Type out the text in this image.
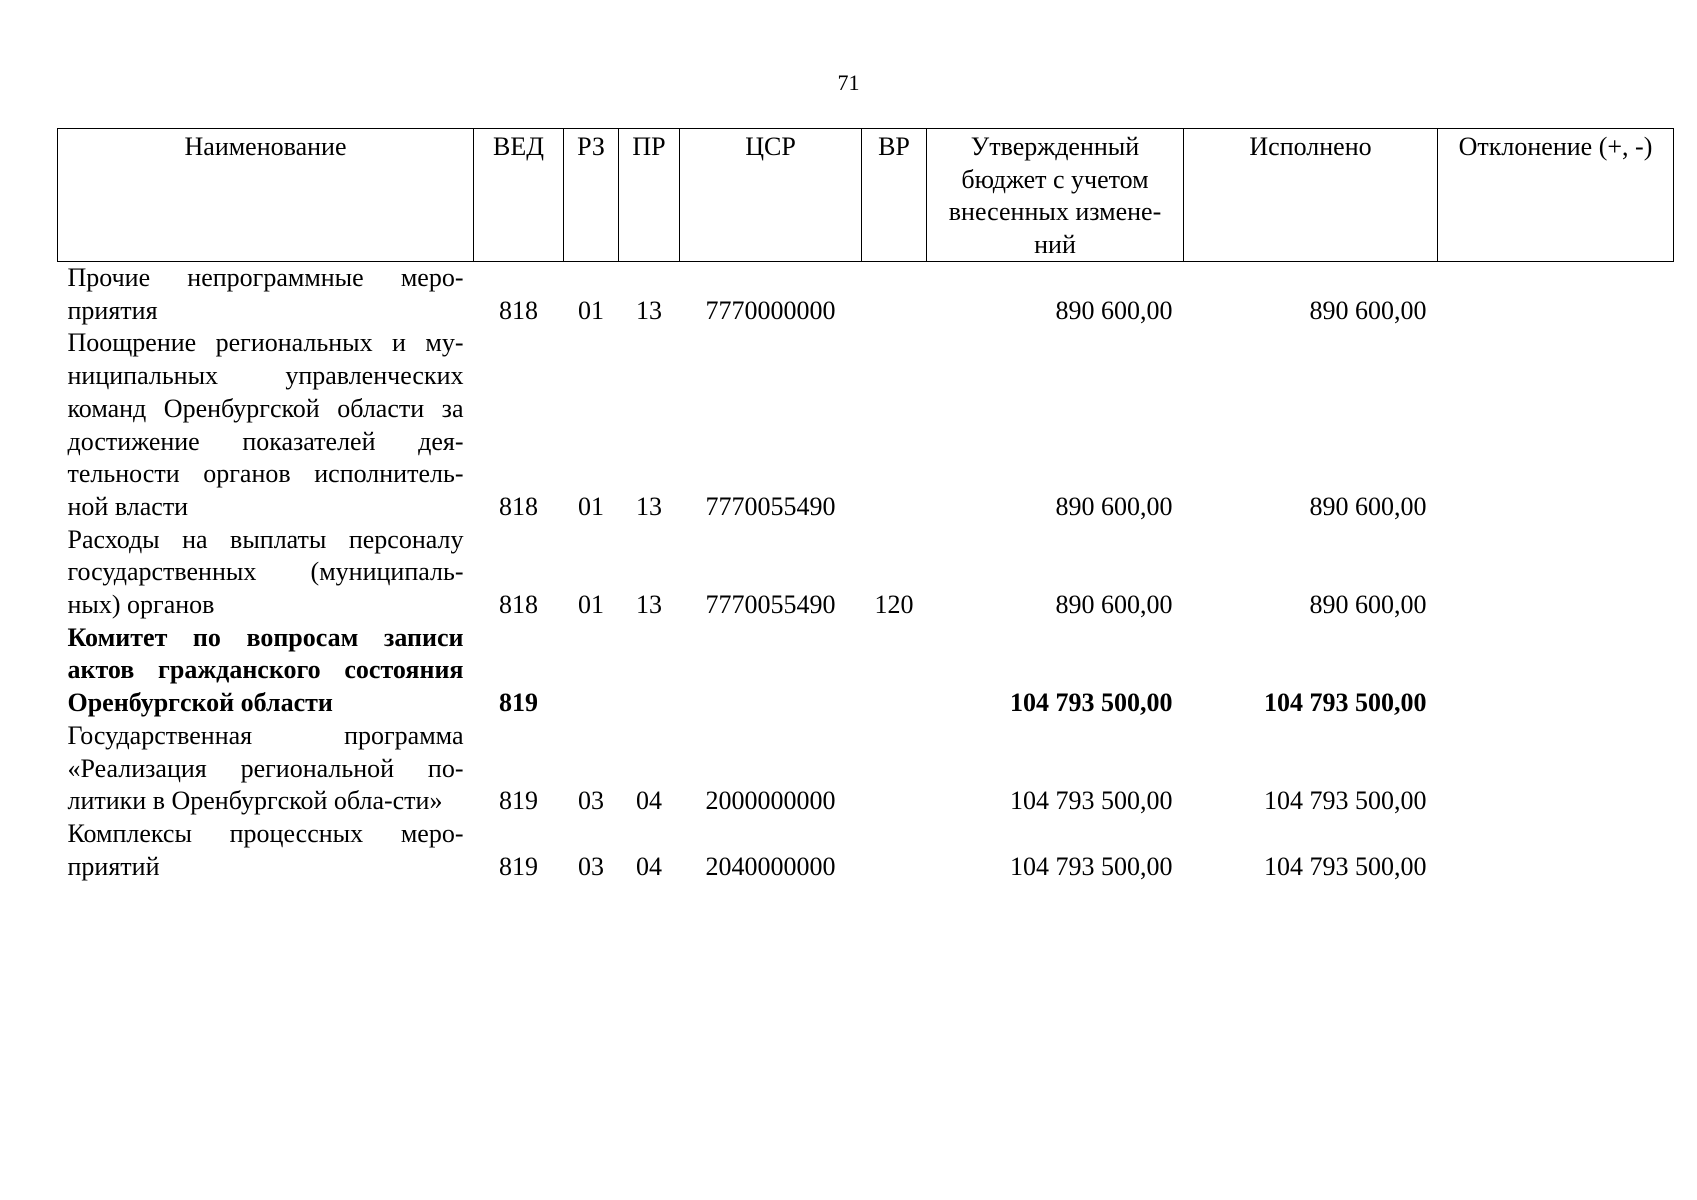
71
Наименование	ВЕД	РЗ	ПР	ЦСР	ВР	Утвержденный бюджет с учетом внесенных измене-ний	Исполнено	Отклонение (+, -)
Прочие непрограммные меро-приятия	818	01	13	7770000000		890 600,00	890 600,00	
Поощрение региональных и му-ниципальных управленческих команд Оренбургской области за достижение показателей дея-тельности органов исполнитель-ной власти	818	01	13	7770055490		890 600,00	890 600,00	
Расходы на выплаты персоналу государственных (муниципаль-ных) органов	818	01	13	7770055490	120	890 600,00	890 600,00	
Комитет по вопросам записи актов гражданского состояния Оренбургской области	819					104 793 500,00	104 793 500,00	
Государственная программа «Реализация региональной по-литики в Оренбургской обла-сти»	819	03	04	2000000000		104 793 500,00	104 793 500,00	
Комплексы процессных меро-приятий	819	03	04	2040000000		104 793 500,00	104 793 500,00	
